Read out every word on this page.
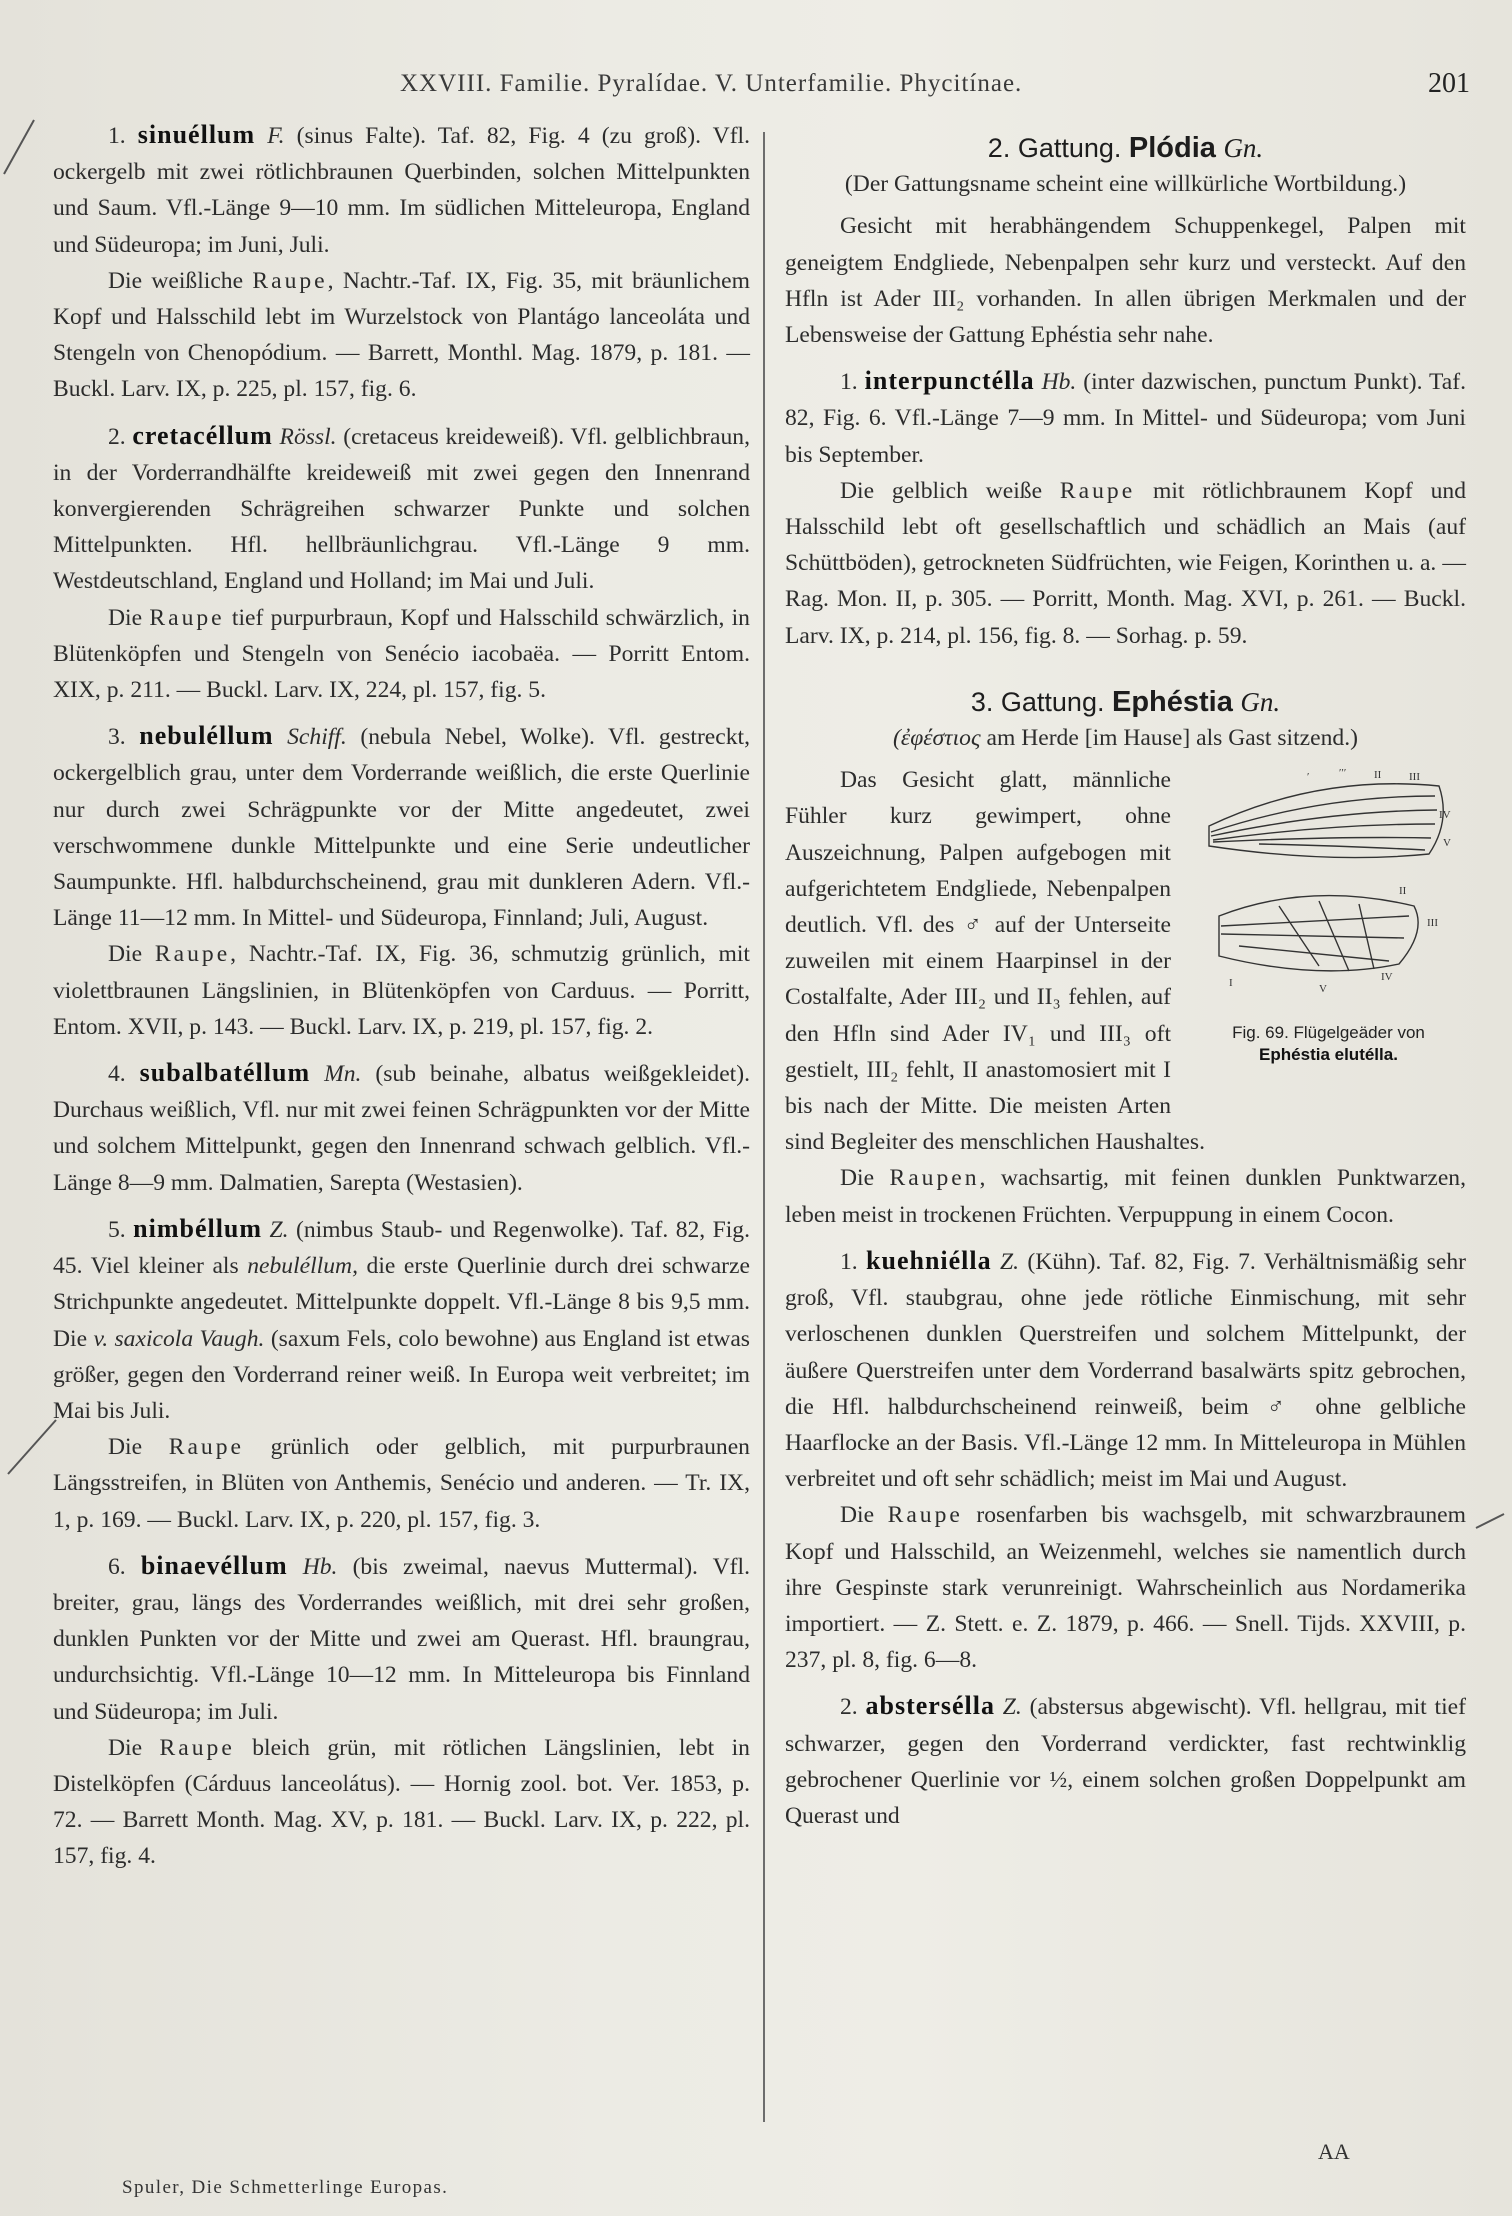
XXVIII. Familie. Pyralídae. V. Unterfamilie. Phycitínae.	201

1. sinuéllum F. (sinus Falte). Taf. 82, Fig. 4 (zu groß). Vfl. ockergelb mit zwei rötlichbraunen Querbinden, solchen Mittelpunkten und Saum. Vfl.-Länge 9—10 mm. Im südlichen Mitteleuropa, England und Südeuropa; im Juni, Juli.

Die weißliche Raupe, Nachtr.-Taf. IX, Fig. 35, mit bräunlichem Kopf und Halsschild lebt im Wurzelstock von Plantágo lanceoláta und Stengeln von Chenopódium. — Barrett, Monthl. Mag. 1879, p. 181. — Buckl. Larv. IX, p. 225, pl. 157, fig. 6.

2. cretacéllum Rössl. (cretaceus kreideweiß). Vfl. gelblichbraun, in der Vorderrandhälfte kreideweiß mit zwei gegen den Innenrand konvergierenden Schrägreihen schwarzer Punkte und solchen Mittelpunkten. Hfl. hellbräunlichgrau. Vfl.-Länge 9 mm. Westdeutschland, England und Holland; im Mai und Juli.

Die Raupe tief purpurbraun, Kopf und Halsschild schwärzlich, in Blütenköpfen und Stengeln von Senécio iacobaëa. — Porritt Entom. XIX, p. 211. — Buckl. Larv. IX, 224, pl. 157, fig. 5.

3. nebuléllum Schiff. (nebula Nebel, Wolke). Vfl. gestreckt, ockergelblich grau, unter dem Vorderrande weißlich, die erste Querlinie nur durch zwei Schrägpunkte vor der Mitte angedeutet, zwei verschwommene dunkle Mittelpunkte und eine Serie undeutlicher Saumpunkte. Hfl. halbdurchscheinend, grau mit dunkleren Adern. Vfl.-Länge 11—12 mm. In Mittel- und Südeuropa, Finnland; Juli, August.

Die Raupe, Nachtr.-Taf. IX, Fig. 36, schmutzig grünlich, mit violettbraunen Längslinien, in Blütenköpfen von Carduus. — Porritt, Entom. XVII, p. 143. — Buckl. Larv. IX, p. 219, pl. 157, fig. 2.

4. subalbatéllum Mn. (sub beinahe, albatus weißgekleidet). Durchaus weißlich, Vfl. nur mit zwei feinen Schrägpunkten vor der Mitte und solchem Mittelpunkt, gegen den Innenrand schwach gelblich. Vfl.-Länge 8—9 mm. Dalmatien, Sarepta (Westasien).

5. nimbéllum Z. (nimbus Staub- und Regenwolke). Taf. 82, Fig. 45. Viel kleiner als nebuléllum, die erste Querlinie durch drei schwarze Strichpunkte angedeutet. Mittelpunkte doppelt. Vfl.-Länge 8 bis 9,5 mm. Die v. saxicola Vaugh. (saxum Fels, colo bewohne) aus England ist etwas größer, gegen den Vorderrand reiner weiß. In Europa weit verbreitet; im Mai bis Juli.

Die Raupe grünlich oder gelblich, mit purpurbraunen Längsstreifen, in Blüten von Anthemis, Senécio und anderen. — Tr. IX, 1, p. 169. — Buckl. Larv. IX, p. 220, pl. 157, fig. 3.

6. binaevéllum Hb. (bis zweimal, naevus Muttermal). Vfl. breiter, grau, längs des Vorderrandes weißlich, mit drei sehr großen, dunklen Punkten vor der Mitte und zwei am Querast. Hfl. braungrau, undurchsichtig. Vfl.-Länge 10—12 mm. In Mitteleuropa bis Finnland und Südeuropa; im Juli.

Die Raupe bleich grün, mit rötlichen Längslinien, lebt in Distelköpfen (Cárduus lanceolátus). — Hornig zool. bot. Ver. 1853, p. 72. — Barrett Month. Mag. XV, p. 181. — Buckl. Larv. IX, p. 222, pl. 157, fig. 4.

2. Gattung. Plódia Gn.

(Der Gattungsname scheint eine willkürliche Wortbildung.)

Gesicht mit herabhängendem Schuppenkegel, Palpen mit geneigtem Endgliede, Nebenpalpen sehr kurz und versteckt. Auf den Hfln ist Ader III₂ vorhanden. In allen übrigen Merkmalen und der Lebensweise der Gattung Ephéstia sehr nahe.

1. interpunctélla Hb. (inter dazwischen, punctum Punkt). Taf. 82, Fig. 6. Vfl.-Länge 7—9 mm. In Mittel- und Südeuropa; vom Juni bis September.

Die gelblich weiße Raupe mit rötlichbraunem Kopf und Halsschild lebt oft gesellschaftlich und schädlich an Mais (auf Schüttböden), getrockneten Südfrüchten, wie Feigen, Korinthen u. a. — Rag. Mon. II, p. 305. — Porritt, Month. Mag. XVI, p. 261. — Buckl. Larv. IX, p. 214, pl. 156, fig. 8. — Sorhag. p. 59.

3. Gattung. Ephéstia Gn.

(ἐφέστιος am Herde [im Hause] als Gast sitzend.)

′	′′′	II	III
IV
V
II
III
I	V
IV
Fig. 69. Flügelgeäder von
Ephéstia elutélla.

Das Gesicht glatt, männliche Fühler kurz gewimpert, ohne Auszeichnung, Palpen aufgebogen mit aufgerichtetem Endgliede, Nebenpalpen deutlich. Vfl. des ♂ auf der Unterseite zuweilen mit einem Haarpinsel in der Costalfalte, Ader III₂ und II₃ fehlen, auf den Hfln sind Ader IV₁ und III₃ oft gestielt, III₂ fehlt, II anastomosiert mit I bis nach der Mitte. Die meisten Arten sind Begleiter des menschlichen Haushaltes.

Die Raupen, wachsartig, mit feinen dunklen Punktwarzen, leben meist in trockenen Früchten. Verpuppung in einem Cocon.

1. kuehniélla Z. (Kühn). Taf. 82, Fig. 7. Verhältnismäßig sehr groß, Vfl. staubgrau, ohne jede rötliche Einmischung, mit sehr verloschenen dunklen Querstreifen und solchem Mittelpunkt, der äußere Querstreifen unter dem Vorderrand basalwärts spitz gebrochen, die Hfl. halbdurchscheinend reinweiß, beim ♂ ohne gelbliche Haarflocke an der Basis. Vfl.-Länge 12 mm. In Mitteleuropa in Mühlen verbreitet und oft sehr schädlich; meist im Mai und August.

Die Raupe rosenfarben bis wachsgelb, mit schwarzbraunem Kopf und Halsschild, an Weizenmehl, welches sie namentlich durch ihre Gespinste stark verunreinigt. Wahrscheinlich aus Nordamerika importiert. — Z. Stett. e. Z. 1879, p. 466. — Snell. Tijds. XXVIII, p. 237, pl. 8, fig. 6—8.

2. abstersélla Z. (abstersus abgewischt). Vfl. hellgrau, mit tief schwarzer, gegen den Vorderrand verdickter, fast rechtwinklig gebrochener Querlinie vor ½, einem solchen großen Doppelpunkt am Querast und

AA
Spuler, Die Schmetterlinge Europas.
